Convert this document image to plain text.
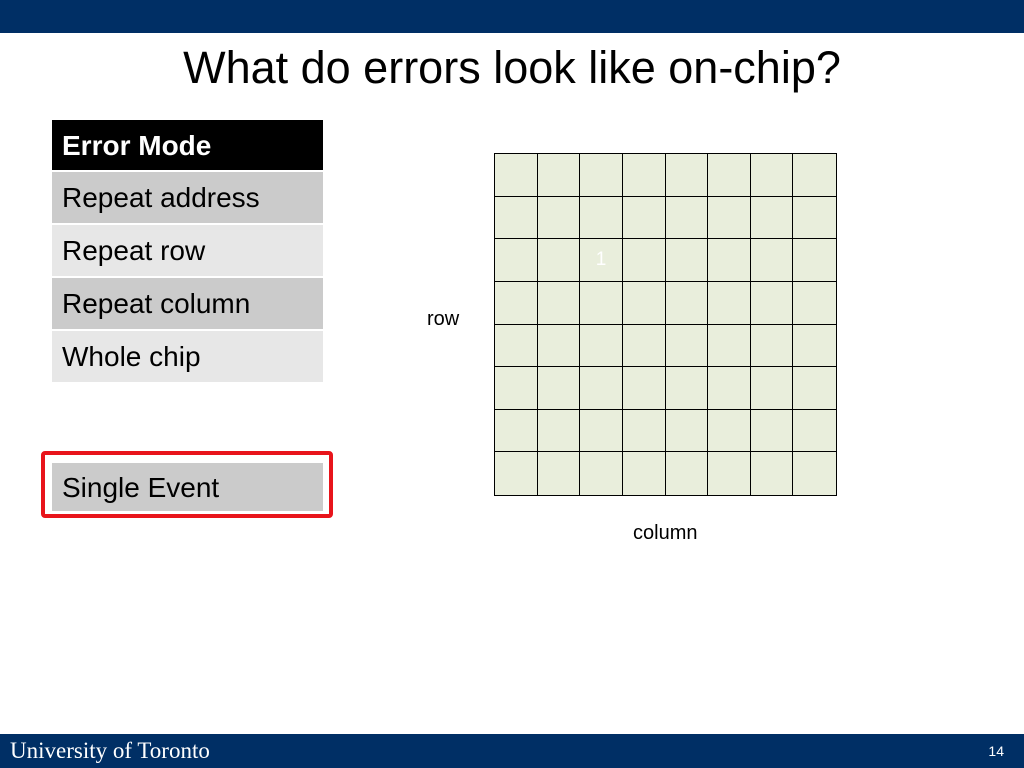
What do errors look like on-chip?
Error Mode
Repeat address
Repeat row
Repeat column
Whole chip
Single Event
1
row
column
University of Toronto	14
